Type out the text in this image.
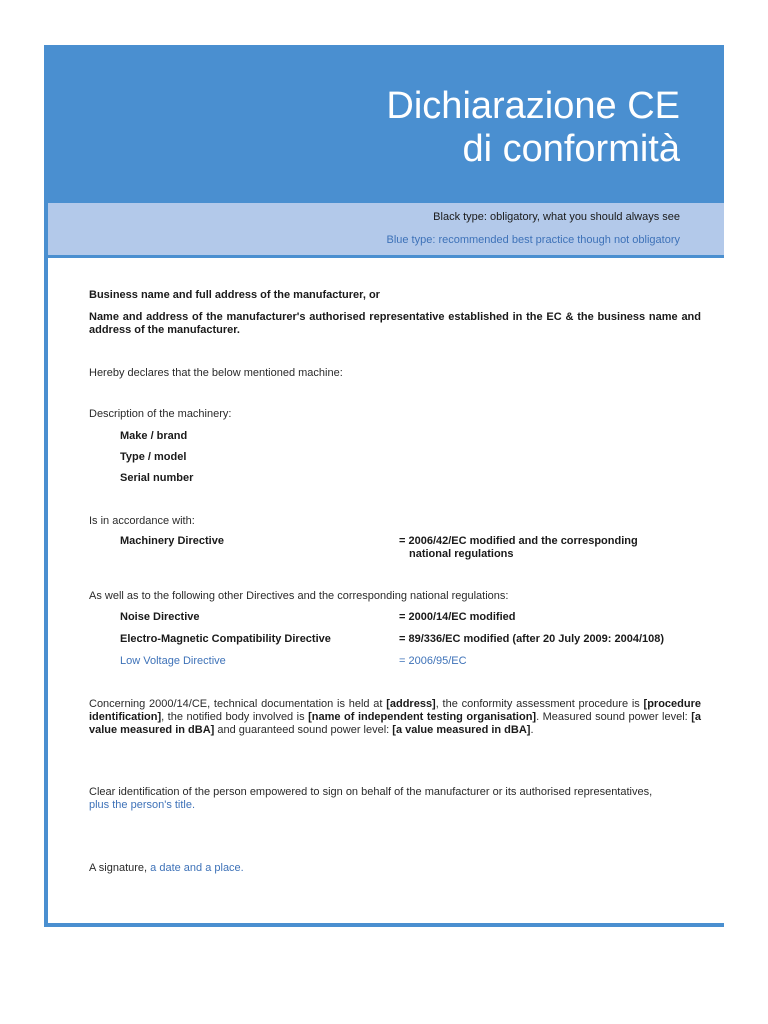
Dichiarazione CE
di conformità
Black type: obligatory, what you should always see
Blue type: recommended best practice though not obligatory

Business name and full address of the manufacturer, or

Name and address of the manufacturer's authorised representative established in the EC & the business name and address of the manufacturer.

Hereby declares that the below mentioned machine:

Description of the machinery:

Make / brand

Type / model

Serial number

Is in accordance with:

Machinery Directive	= 2006/42/EC modified and the corresponding

national regulations

As well as to the following other Directives and the corresponding national regulations:

Noise Directive	= 2000/14/EC modified

Electro-Magnetic Compatibility Directive	= 89/336/EC modified (after 20 July 2009: 2004/108)

Low Voltage Directive	= 2006/95/EC

Concerning 2000/14/CE, technical documentation is held at [address], the conformity assessment procedure is [procedure identification], the notified body involved is [name of independent testing organisation]. Measured sound power level: [a value measured in dBA] and guaranteed sound power level: [a value measured in dBA].

Clear identification of the person empowered to sign on behalf of the manufacturer or its authorised representatives,
plus the person's title.

A signature, a date and a place.
